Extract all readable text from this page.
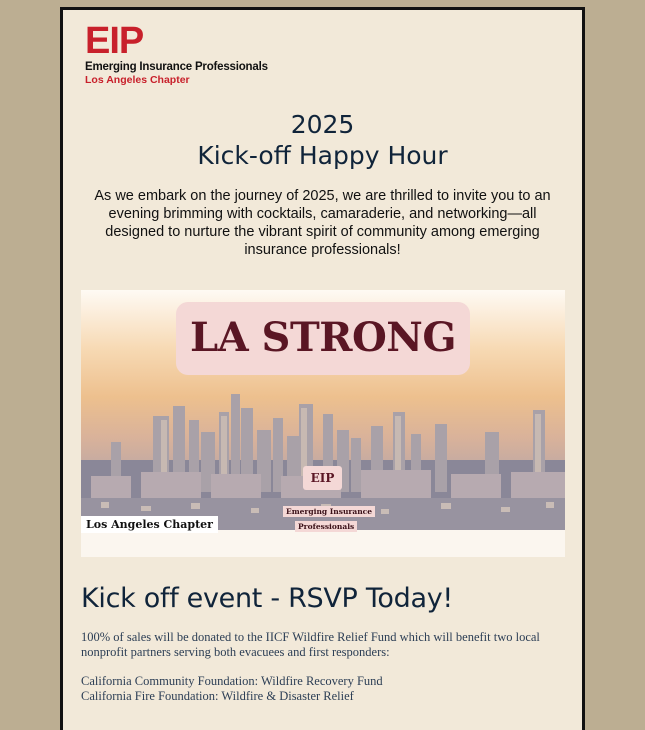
EIP
Emerging Insurance Professionals
Los Angeles Chapter
2025
Kick-off Happy Hour
As we embark on the journey of 2025, we are thrilled to invite you to an evening brimming with cocktails, camaraderie, and networking—all designed to nurture the vibrant spirit of community among emerging insurance professionals!
LA STRONG
EIP
Emerging Insurance
Professionals
Los Angeles Chapter
Kick off event - RSVP Today!
100% of sales will be donated to the IICF Wildfire Relief Fund which will benefit two local nonprofit partners serving both evacuees and first responders:
California Community Foundation: Wildfire Recovery Fund
California Fire Foundation: Wildfire & Disaster Relief
